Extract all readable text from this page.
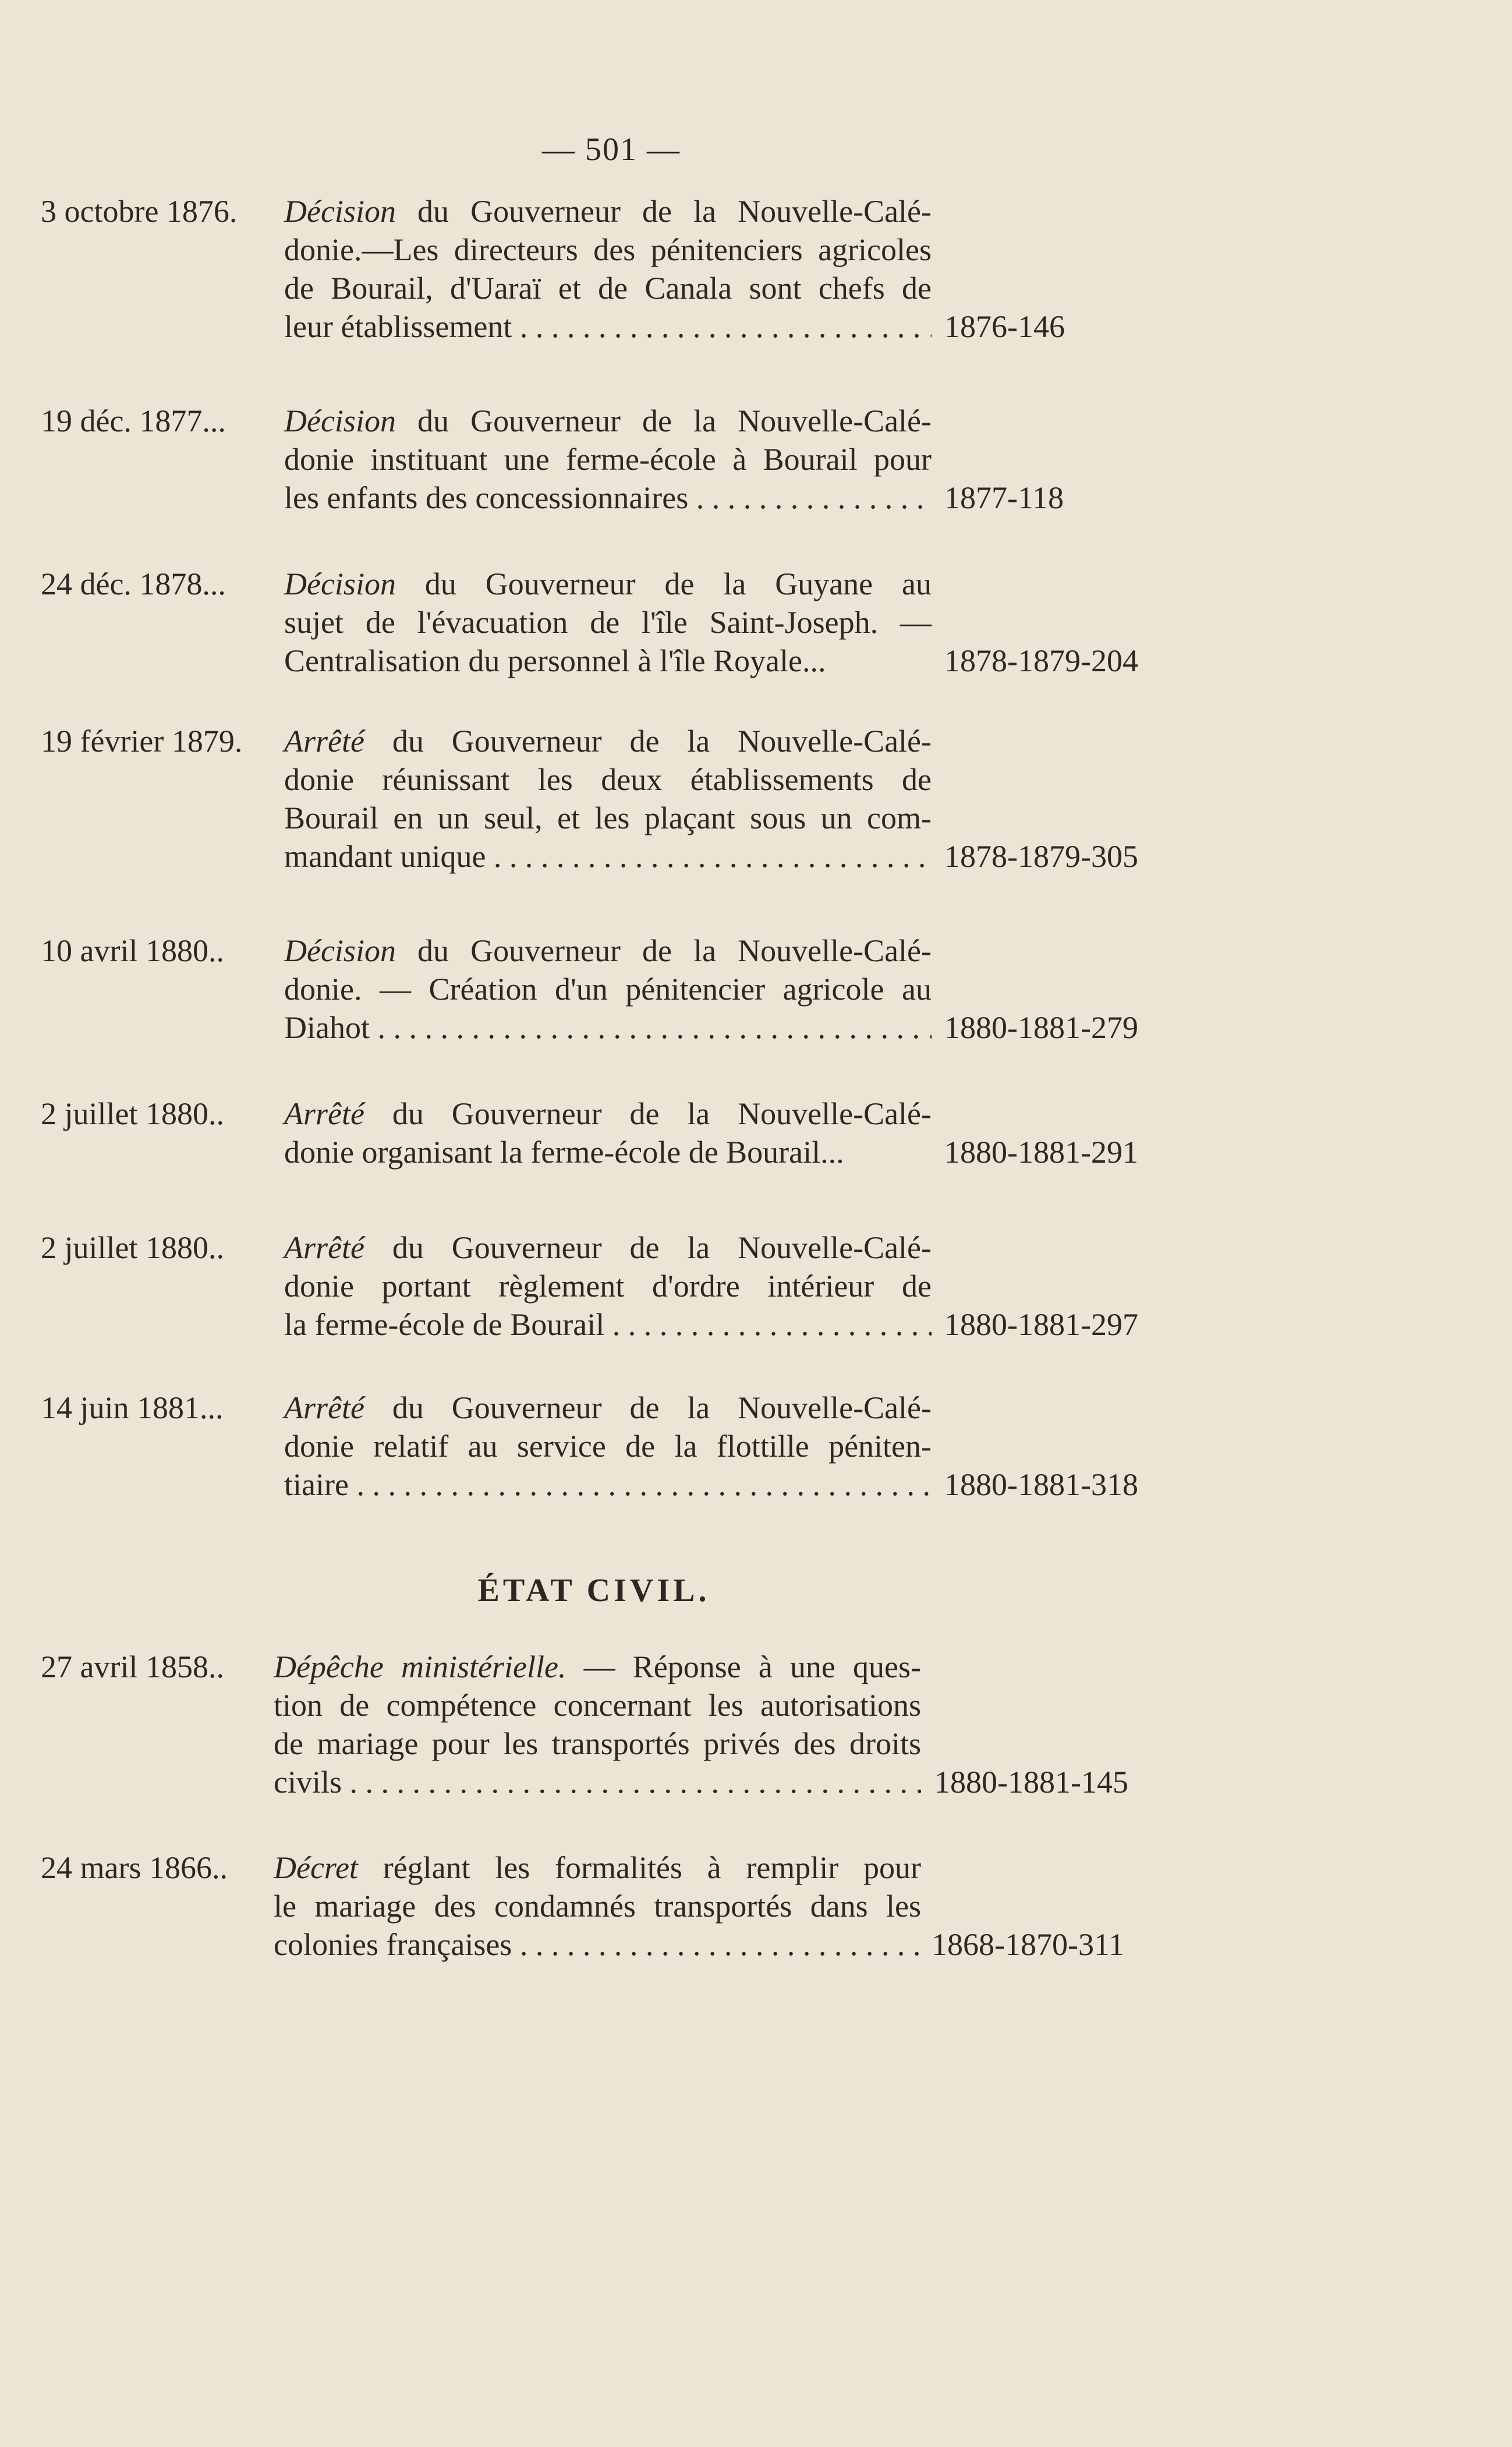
— 501 —
3 octobre 1876.	Décision du Gouverneur de la Nouvelle-Calé-
donie.—Les directeurs des pénitenciers agricoles
de Bourail, d'Uaraï et de Canala sont chefs de
leur établissement . . .	1876-146
19 déc. 1877...	Décision du Gouverneur de la Nouvelle-Calé-
donie instituant une ferme-école à Bourail pour
les enfants des concessionnaires . . .	1877-118
24 déc. 1878...	Décision du Gouverneur de la Guyane au
sujet de l'évacuation de l'île Saint-Joseph. —
Centralisation du personnel à l'île Royale...	1878-1879-204
19 février 1879.	Arrêté du Gouverneur de la Nouvelle-Calé-
donie réunissant les deux établissements de
Bourail en un seul, et les plaçant sous un com-
mandant unique . . .	1878-1879-305
10 avril 1880..	Décision du Gouverneur de la Nouvelle-Calé-
donie. — Création d'un pénitencier agricole au
Diahot . . .	1880-1881-279
2 juillet 1880..	Arrêté du Gouverneur de la Nouvelle-Calé-
donie organisant la ferme-école de Bourail...	1880-1881-291
2 juillet 1880..	Arrêté du Gouverneur de la Nouvelle-Calé-
donie portant règlement d'ordre intérieur de
la ferme-école de Bourail . . .	1880-1881-297
14 juin 1881...	Arrêté du Gouverneur de la Nouvelle-Calé-
donie relatif au service de la flottille péniten-
tiaire . . .	1880-1881-318
ÉTAT CIVIL.
27 avril 1858..	Dépêche ministérielle. — Réponse à une ques-
tion de compétence concernant les autorisations
de mariage pour les transportés privés des droits
civils . . .	1880-1881-145
24 mars 1866..	Décret réglant les formalités à remplir pour
le mariage des condamnés transportés dans les
colonies françaises . . .	1868-1870-311
